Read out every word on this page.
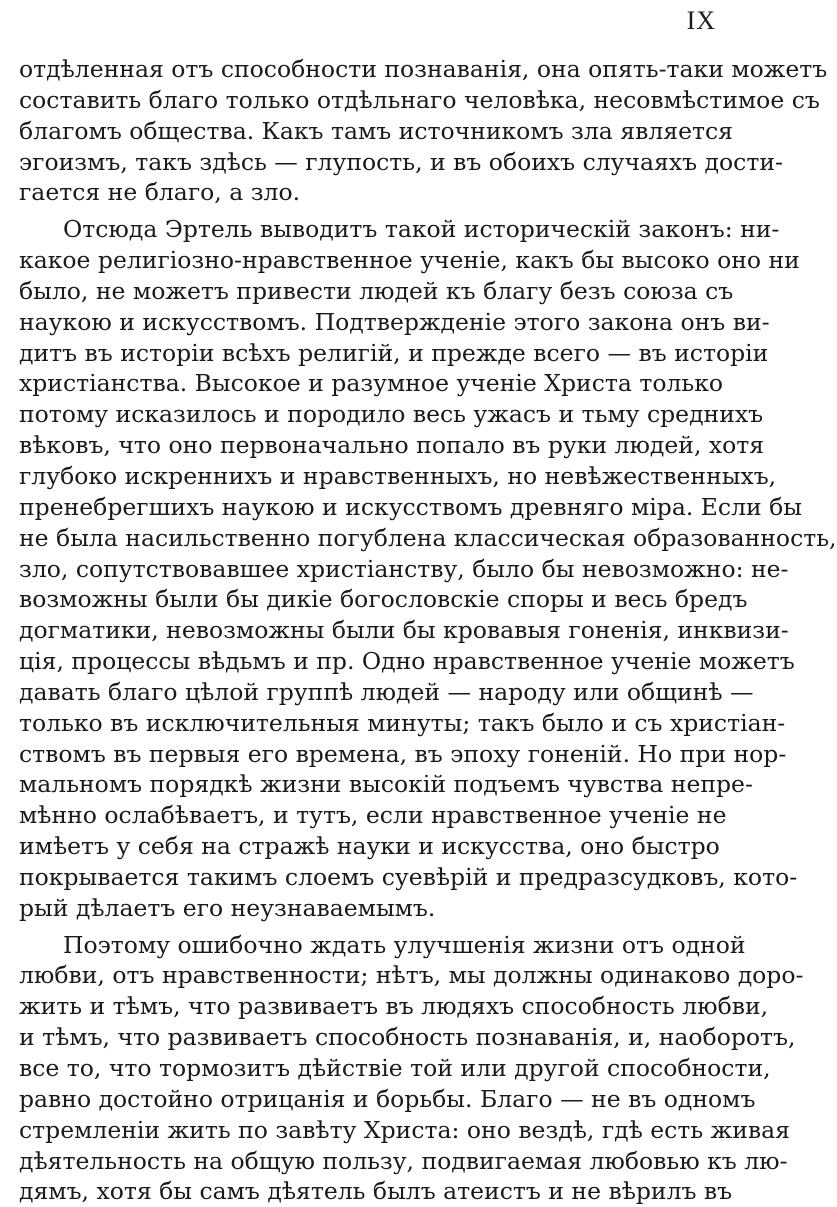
IX
отдѣленная отъ способности познаванія, она опять-таки можетъ
составить благо только отдѣльнаго человѣка, несовмѣстимое съ
благомъ общества. Какъ тамъ источникомъ зла является
эгоизмъ, такъ здѣсь — глупость, и въ обоихъ случаяхъ дости-
гается не благо, а зло.
Отсюда Эртель выводитъ такой историческій законъ: ни-
какое религіозно-нравственное ученіе, какъ бы высоко оно ни
было, не можетъ привести людей къ благу безъ союза съ
наукою и искусствомъ. Подтвержденіе этого закона онъ ви-
дитъ въ исторіи всѣхъ религій, и прежде всего — въ исторіи
христіанства. Высокое и разумное ученіе Христа только
потому исказилось и породило весь ужасъ и тьму среднихъ
вѣковъ, что оно первоначально попало въ руки людей, хотя
глубоко искреннихъ и нравственныхъ, но невѣжественныхъ,
пренебрегшихъ наукою и искусствомъ древняго міра. Если бы
не была насильственно погублена классическая образованность,
зло, сопутствовавшее христіанству, было бы невозможно: не-
возможны были бы дикіе богословскіе споры и весь бредъ
догматики, невозможны были бы кровавыя гоненія, инквизи-
ція, процессы вѣдьмъ и пр. Одно нравственное ученіе можетъ
давать благо цѣлой группѣ людей — народу или общинѣ —
только въ исключительныя минуты; такъ было и съ христіан-
ствомъ въ первыя его времена, въ эпоху гоненій. Но при нор-
мальномъ порядкѣ жизни высокій подъемъ чувства непре-
мѣнно ослабѣваетъ, и тутъ, если нравственное ученіе не
имѣетъ у себя на стражѣ науки и искусства, оно быстро
покрывается такимъ слоемъ суевѣрій и предразсудковъ, кото-
рый дѣлаетъ его неузнаваемымъ.
Поэтому ошибочно ждать улучшенія жизни отъ одной
любви, отъ нравственности; нѣтъ, мы должны одинаково доро-
жить и тѣмъ, что развиваетъ въ людяхъ способность любви,
и тѣмъ, что развиваетъ способность познаванія, и, наоборотъ,
все то, что тормозитъ дѣйствіе той или другой способности,
равно достойно отрицанія и борьбы. Благо — не въ одномъ
стремленіи жить по завѣту Христа: оно вездѣ, гдѣ есть живая
дѣятельность на общую пользу, подвигаемая любовью къ лю-
дямъ, хотя бы самъ дѣятель былъ атеистъ и не вѣрилъ въ
